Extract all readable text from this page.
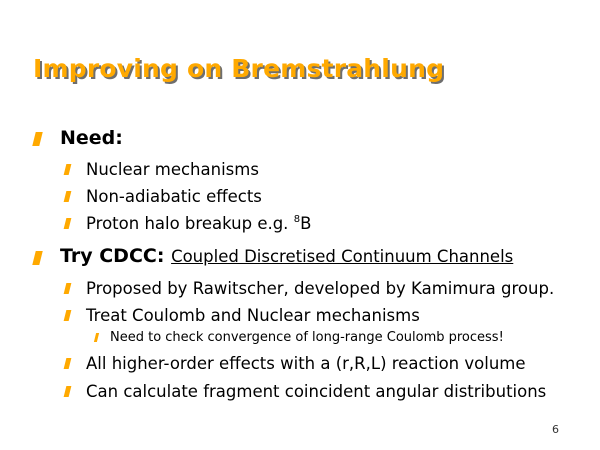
Improving on Bremstrahlung
Need:
Nuclear mechanisms
Non-adiabatic effects
Proton halo breakup e.g. $^8$B
Try CDCC: Coupled Discretised Continuum Channels
Proposed by Rawitscher, developed by Kamimura group.
Treat Coulomb and Nuclear mechanisms
Need to check convergence of long-range Coulomb process!
All higher-order effects with a (r,R,L) reaction volume
Can calculate fragment coincident angular distributions
6
